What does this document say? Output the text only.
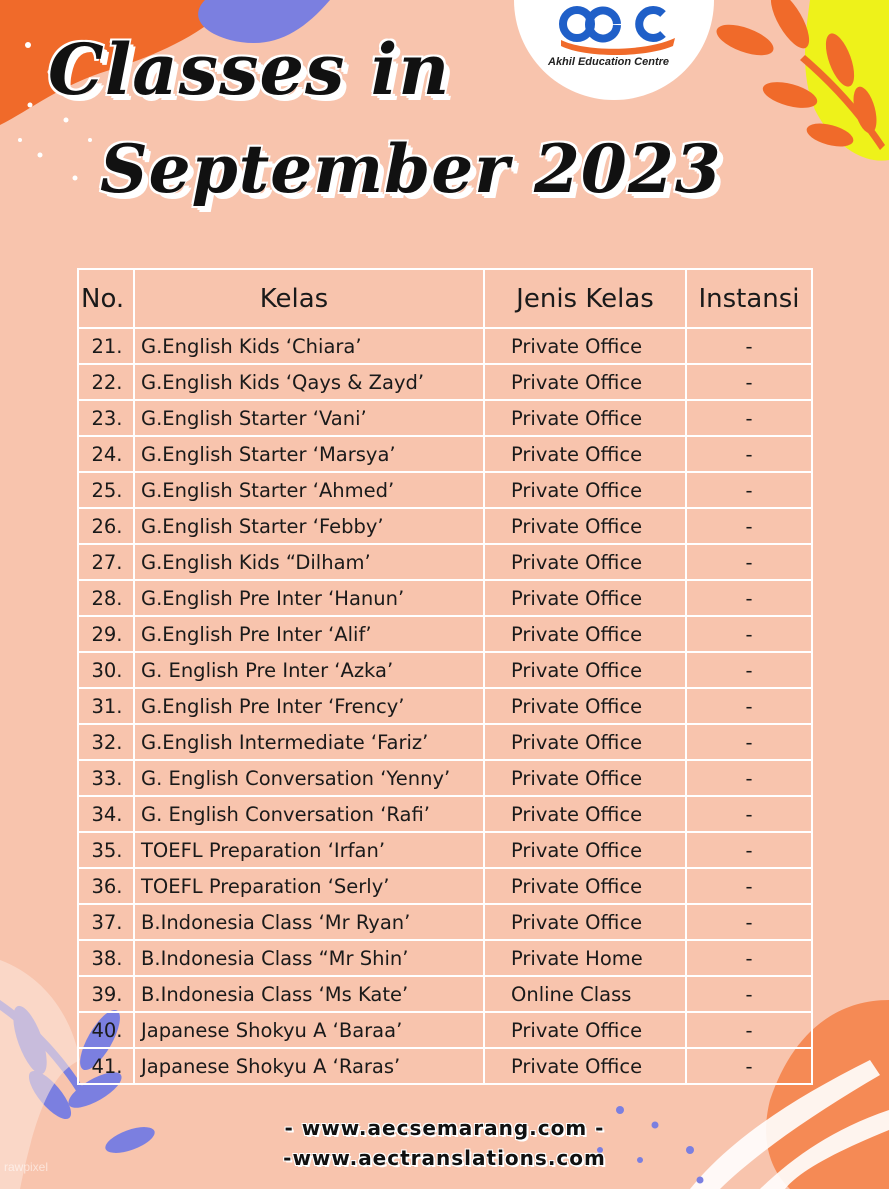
Akhil Education Centre
Classes in
September 2023
No.	Kelas	Jenis Kelas	Instansi
21.	G.English Kids ‘Chiara’	Private Office	-
22.	G.English Kids ‘Qays & Zayd’	Private Office	-
23.	G.English Starter ‘Vani’	Private Office	-
24.	G.English Starter ‘Marsya’	Private Office	-
25.	G.English Starter ‘Ahmed’	Private Office	-
26.	G.English Starter ‘Febby’	Private Office	-
27.	G.English Kids “Dilham’	Private Office	-
28.	G.English Pre Inter ‘Hanun’	Private Office	-
29.	G.English Pre Inter ‘Alif’	Private Office	-
30.	G. English Pre Inter ‘Azka’	Private Office	-
31.	G.English Pre Inter ‘Frency’	Private Office	-
32.	G.English Intermediate ‘Fariz’	Private Office	-
33.	G. English Conversation ‘Yenny’	Private Office	-
34.	G. English Conversation ‘Rafi’	Private Office	-
35.	TOEFL Preparation ‘Irfan’	Private Office	-
36.	TOEFL Preparation ‘Serly’	Private Office	-
37.	B.Indonesia Class ‘Mr Ryan’	Private Office	-
38.	B.Indonesia Class “Mr Shin’	Private Home	-
39.	B.Indonesia Class ‘Ms Kate’	Online Class	-
40.	Japanese Shokyu A ‘Baraa’	Private Office	-
41.	Japanese Shokyu A ‘Raras’	Private Office	-
- www.aecsemarang.com -
-www.aectranslations.com
rawpixel
